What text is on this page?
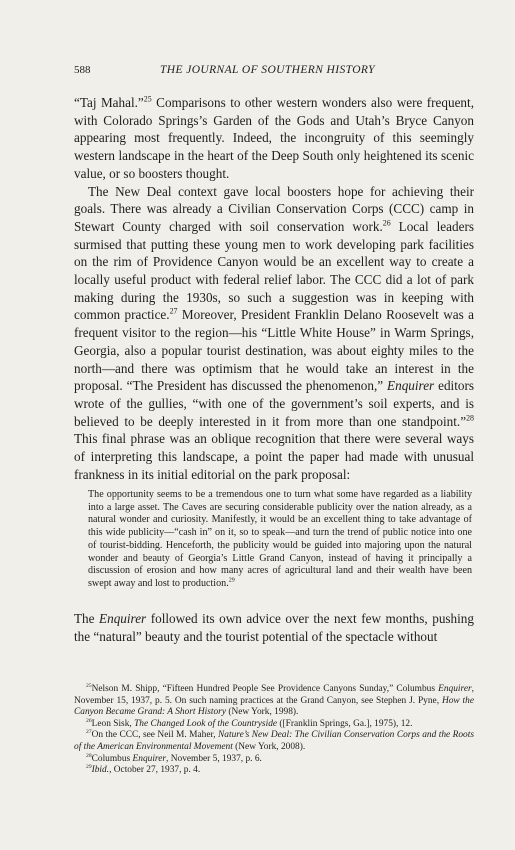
588	THE JOURNAL OF SOUTHERN HISTORY

“Taj Mahal.”$^{25}$ Comparisons to other western wonders also were frequent, with Colorado Springs’s Garden of the Gods and Utah’s Bryce Canyon appearing most frequently. Indeed, the incongruity of this seemingly western landscape in the heart of the Deep South only heightened its scenic value, or so boosters thought.

The New Deal context gave local boosters hope for achieving their goals. There was already a Civilian Conservation Corps (CCC) camp in Stewart County charged with soil conservation work.$^{26}$ Local leaders surmised that putting these young men to work developing park facilities on the rim of Providence Canyon would be an excellent way to create a locally useful product with federal relief labor. The CCC did a lot of park making during the 1930s, so such a suggestion was in keeping with common practice.$^{27}$ Moreover, President Franklin Delano Roosevelt was a frequent visitor to the region—his “Little White House” in Warm Springs, Georgia, also a popular tourist destination, was about eighty miles to the north—and there was optimism that he would take an interest in the proposal. “The President has discussed the phenomenon,” Enquirer editors wrote of the gullies, “with one of the government’s soil experts, and is believed to be deeply interested in it from more than one standpoint.”$^{28}$ This final phrase was an oblique recognition that there were several ways of interpreting this landscape, a point the paper had made with unusual frankness in its initial editorial on the park proposal:

The opportunity seems to be a tremendous one to turn what some have regarded as a liability into a large asset. The Caves are securing considerable publicity over the nation already, as a natural wonder and curiosity. Manifestly, it would be an excellent thing to take advantage of this wide publicity—“cash in” on it, so to speak—and turn the trend of public notice into one of tourist-bidding. Henceforth, the publicity would be guided into majoring upon the natural wonder and beauty of Georgia’s Little Grand Canyon, instead of having it principally a discussion of erosion and how many acres of agricultural land and their wealth have been swept away and lost to production.$^{29}$

The Enquirer followed its own advice over the next few months, pushing the “natural” beauty and the tourist potential of the spectacle without

$^{25}$Nelson M. Shipp, “Fifteen Hundred People See Providence Canyons Sunday,” Columbus Enquirer, November 15, 1937, p. 5. On such naming practices at the Grand Canyon, see Stephen J. Pyne, How the Canyon Became Grand: A Short History (New York, 1998).

$^{26}$Leon Sisk, The Changed Look of the Countryside ([Franklin Springs, Ga.], 1975), 12.

$^{27}$On the CCC, see Neil M. Maher, Nature’s New Deal: The Civilian Conservation Corps and the Roots of the American Environmental Movement (New York, 2008).

$^{28}$Columbus Enquirer, November 5, 1937, p. 6.

$^{29}$Ibid., October 27, 1937, p. 4.
